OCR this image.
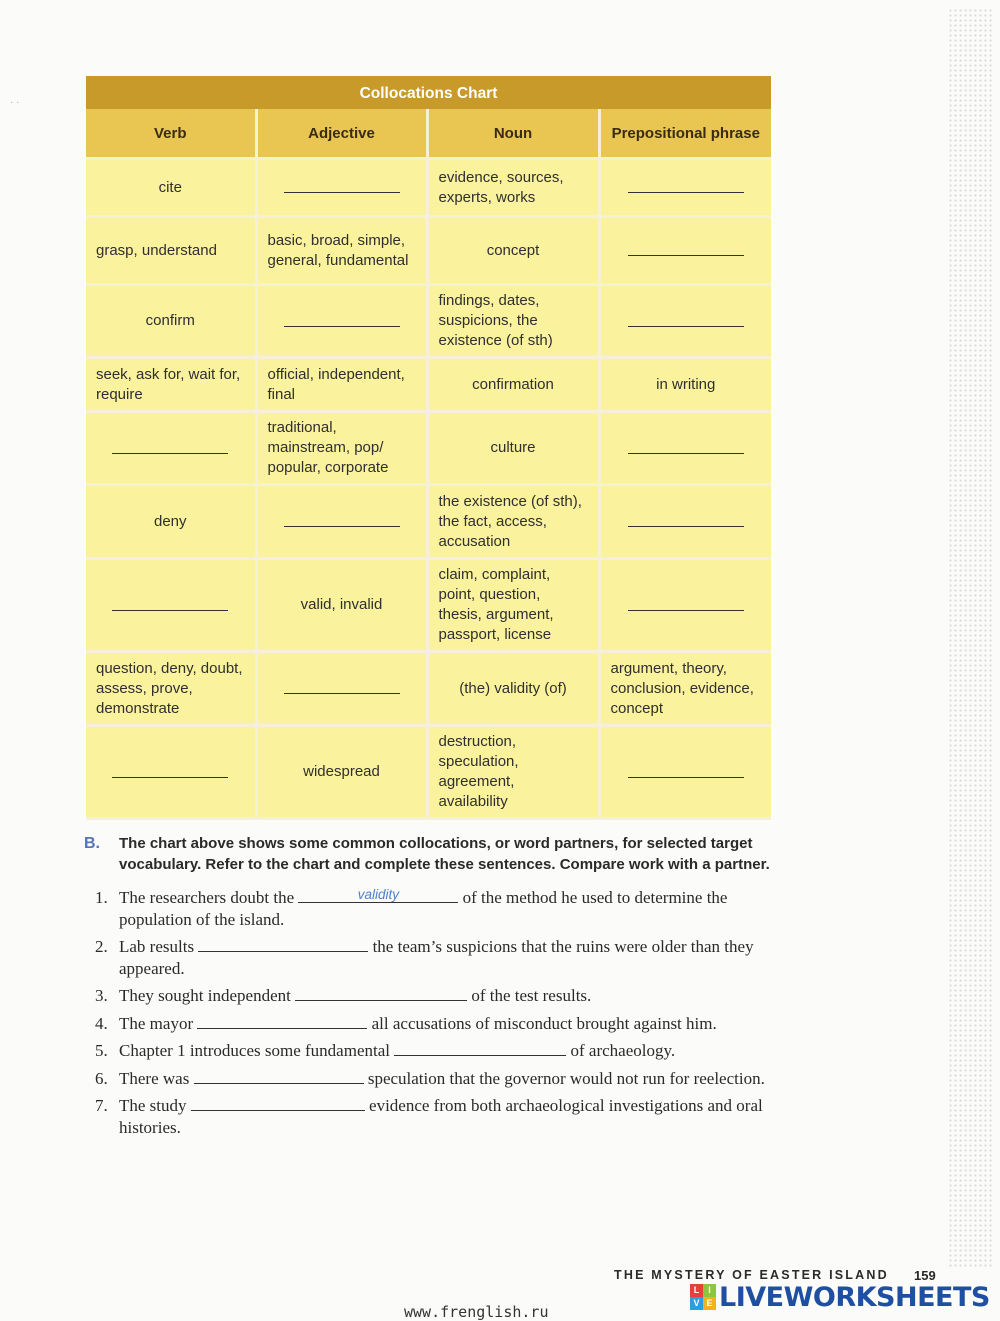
· ·
Collocations Chart
Verb	Adjective	Noun	Prepositional phrase
cite		evidence, sources, experts, works	
grasp, understand	basic, broad, simple, general, fundamental	concept	
confirm		findings, dates, suspicions, the existence (of sth)	
seek, ask for, wait for, require	official, independent, final	confirmation	in writing
	traditional, mainstream, pop/ popular, corporate	culture	
deny		the existence (of sth), the fact, access, accusation	
	valid, invalid	claim, complaint, point, question, thesis, argument, passport, license	
question, deny, doubt, assess, prove, demonstrate		(the) validity (of)	argument, theory, conclusion, evidence, concept
	widespread	destruction, speculation, agreement, availability	
B. The chart above shows some common collocations, or word partners, for selected target vocabulary. Refer to the chart and complete these sentences. Compare work with a partner.
1. The researchers doubt the	$^{validity}$	of the method he used to determine the population of the island.
2. Lab results	the team’s suspicions that the ruins were older than they appeared.
3. They sought independent	of the test results.
4. The mayor	all accusations of misconduct brought against him.
5. Chapter 1 introduces some fundamental	of archaeology.
6. There was	speculation that the governor would not run for reelection.
7. The study	evidence from both archaeological investigations and oral histories.
THE MYSTERY OF EASTER ISLAND 159
L I
V E LIVEWORKSHEETS
www.frenglish.ru
